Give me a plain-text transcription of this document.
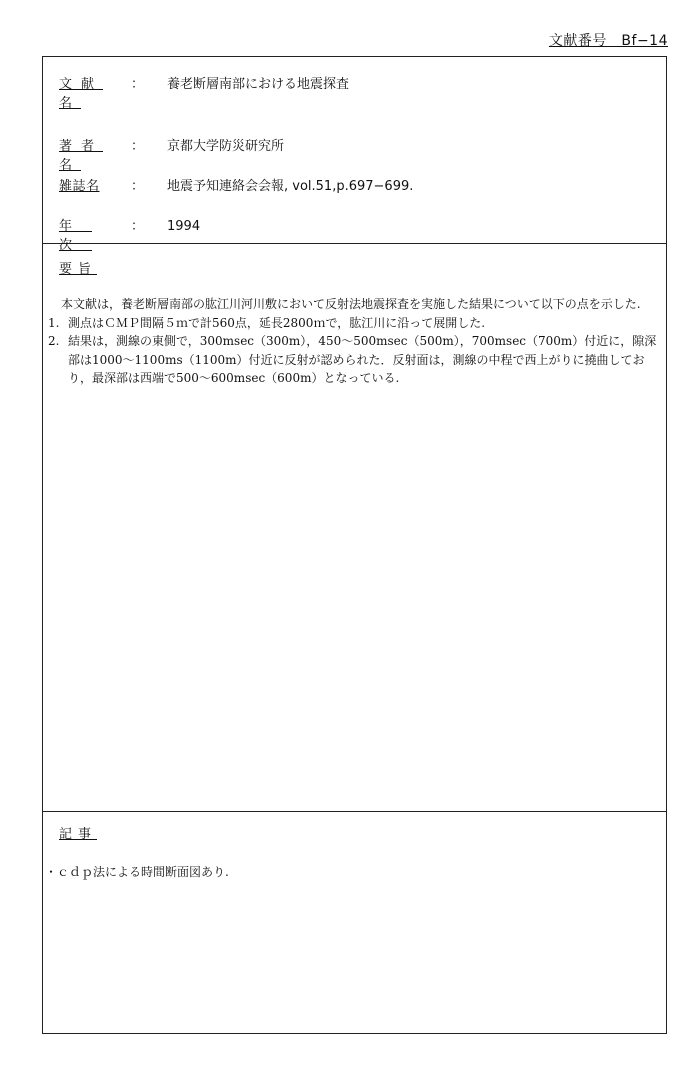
文献番号　Bf−14
文献名
：	養老断層南部における地震探査
著者名
：	京都大学防災研究所
雑誌名	：	地震予知連絡会会報, vol.51,p.697−699.
年次
：	1994
要旨

本文献は，養老断層南部の肱江川河川敷において反射法地震探査を実施した結果について以下の点を示した.

1. 測点はＣＭＰ間隔５ｍで計560点，延長2800ｍで，肱江川に沿って展開した.
2. 結果は，測線の東側で，300msec（300m），450〜500msec（500m），700msec（700m）付近に，隙深部は1000〜1100ms（1100m）付近に反射が認められた．反射面は，測線の中程で西上がりに撓曲しており，最深部は西端で500〜600msec（600m）となっている.
記事
・ｃｄｐ法による時間断面図あり.
